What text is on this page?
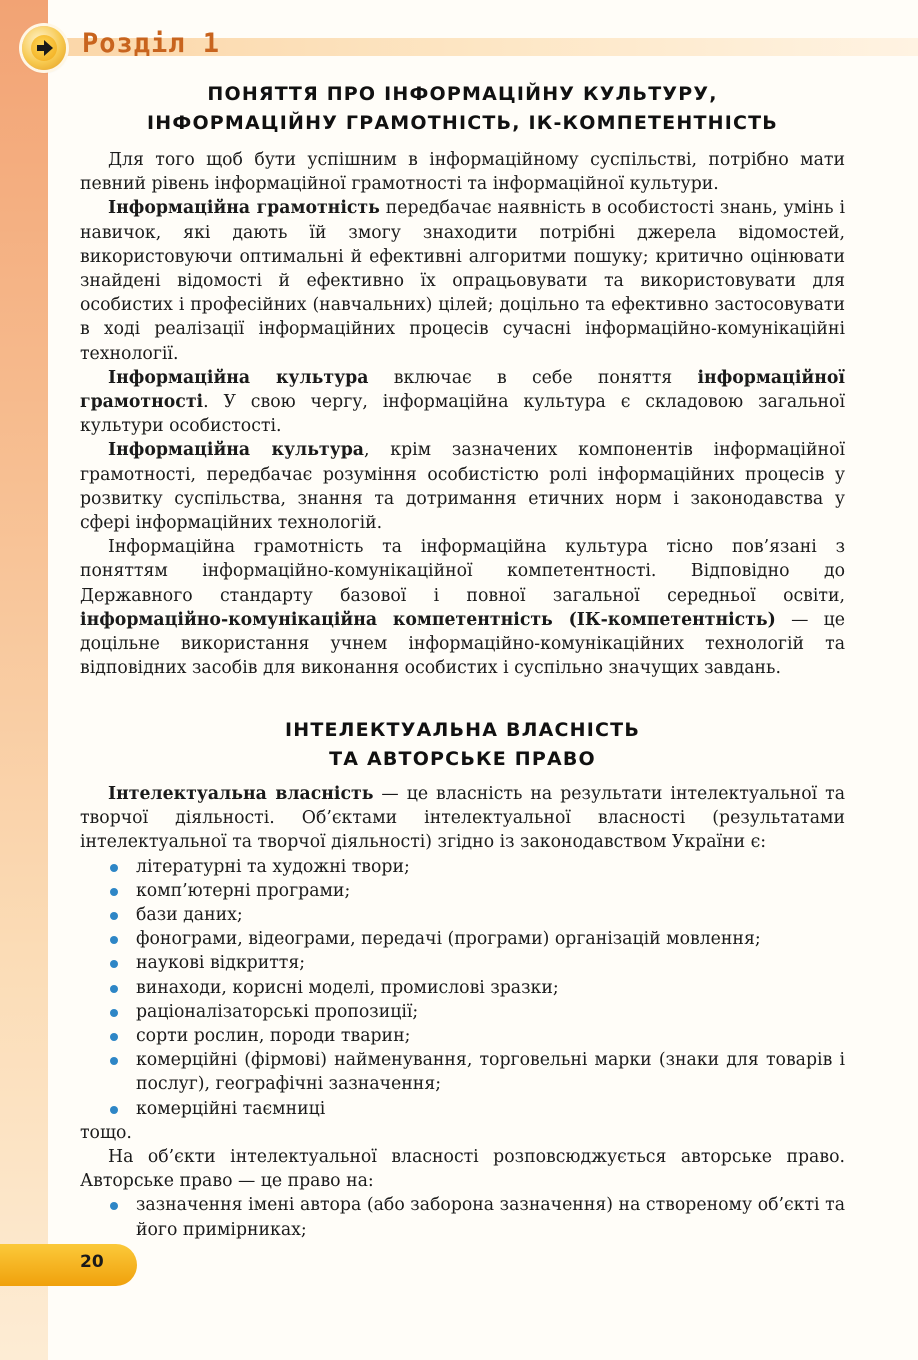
Розділ 1
ПОНЯТТЯ ПРО ІНФОРМАЦІЙНУ КУЛЬТУРУ,
ІНФОРМАЦІЙНУ ГРАМОТНІСТЬ, ІК-КОМПЕТЕНТНІСТЬ

Для того щоб бути успішним в інформаційному суспільстві, потрібно мати певний рівень інформаційної грамотності та інформаційної культури.

Інформаційна грамотність передбачає наявність в особистості знань, умінь і навичок, які дають їй змогу знаходити потрібні джерела відомостей, використовуючи оптимальні й ефективні алгоритми пошуку; критично оцінювати знайдені відомості й ефективно їх опрацьовувати та використовувати для особистих і професійних (навчальних) цілей; доцільно та ефективно застосовувати в ході реалізації інформаційних процесів сучасні інформаційно-комунікаційні технології.

Інформаційна культура включає в себе поняття інформаційної грамотності. У свою чергу, інформаційна культура є складовою загальної культури особистості.

Інформаційна культура, крім зазначених компонентів інформаційної грамотності, передбачає розуміння особистістю ролі інформаційних процесів у розвитку суспільства, знання та дотримання етичних норм і законодавства у сфері інформаційних технологій.

Інформаційна грамотність та інформаційна культура тісно пов’язані з поняттям інформаційно-комунікаційної компетентності. Відповідно до Державного стандарту базової і повної загальної середньої освіти, інформаційно-комунікаційна компетентність (ІК-компетентність) — це доцільне використання учнем інформаційно-комунікаційних технологій та відповідних засобів для виконання особистих і суспільно значущих завдань.

ІНТЕЛЕКТУАЛЬНА ВЛАСНІСТЬ
ТА АВТОРСЬКЕ ПРАВО

Інтелектуальна власність — це власність на результати інтелектуальної та творчої діяльності. Об’єктами інтелектуальної власності (результатами інтелектуальної та творчої діяльності) згідно із законодавством України є:

літературні та художні твори;
комп’ютерні програми;
бази даних;
фонограми, відеограми, передачі (програми) організацій мовлення;
наукові відкриття;
винаходи, корисні моделі, промислові зразки;
раціоналізаторські пропозиції;
сорти рослин, породи тварин;
комерційні (фірмові) найменування, торговельні марки (знаки для товарів і послуг), географічні зазначення;
комерційні таємниці

тощо.

На об’єкти інтелектуальної власності розповсюджується авторське право. Авторське право — це право на:

зазначення імені автора (або заборона зазначення) на створеному об’єкті та його примірниках;
20
